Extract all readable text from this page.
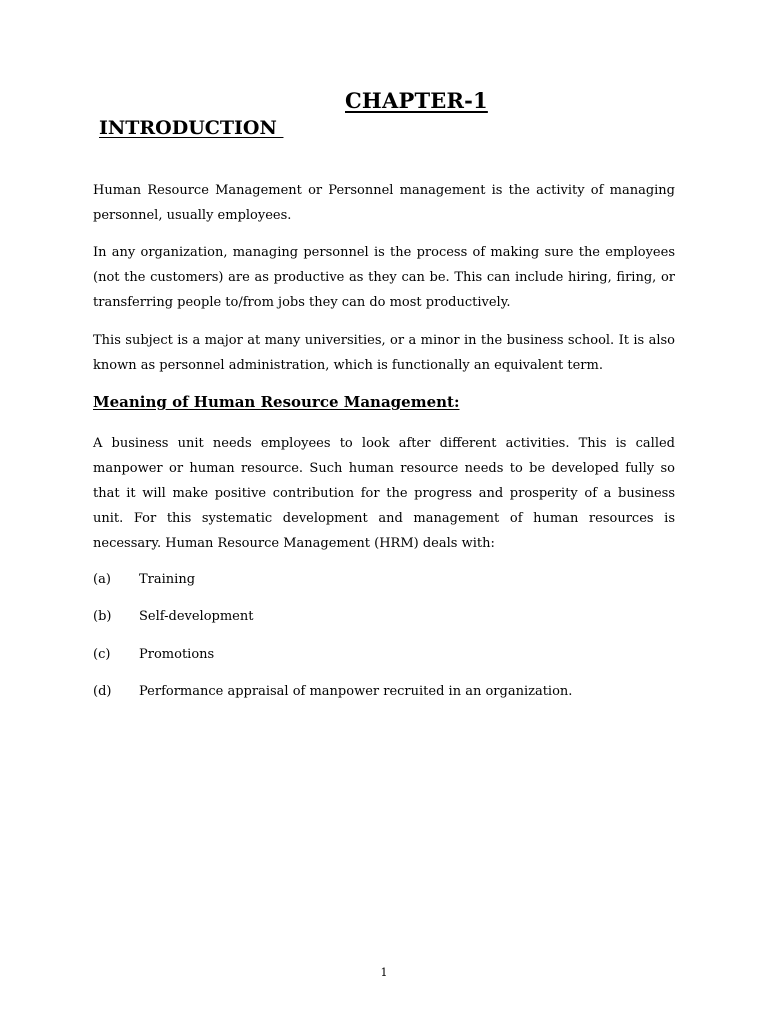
CHAPTER-1
INTRODUCTION

Human Resource Management or Personnel management is the activity of managing personnel, usually employees.

In any organization, managing personnel is the process of making sure the employees (not the customers) are as productive as they can be. This can include hiring, firing, or transferring people to/from jobs they can do most productively.

This subject is a major at many universities, or a minor in the business school. It is also known as personnel administration, which is functionally an equivalent term.

Meaning of Human Resource Management:

A business unit needs employees to look after different activities. This is called manpower or human resource. Such human resource needs to be developed fully so that it will make positive contribution for the progress and prosperity of a business unit. For this systematic development and management of human resources is necessary. Human Resource Management (HRM) deals with:

(a) Training
(b) Self-development
(c) Promotions
(d) Performance appraisal of manpower recruited in an organization.
1
